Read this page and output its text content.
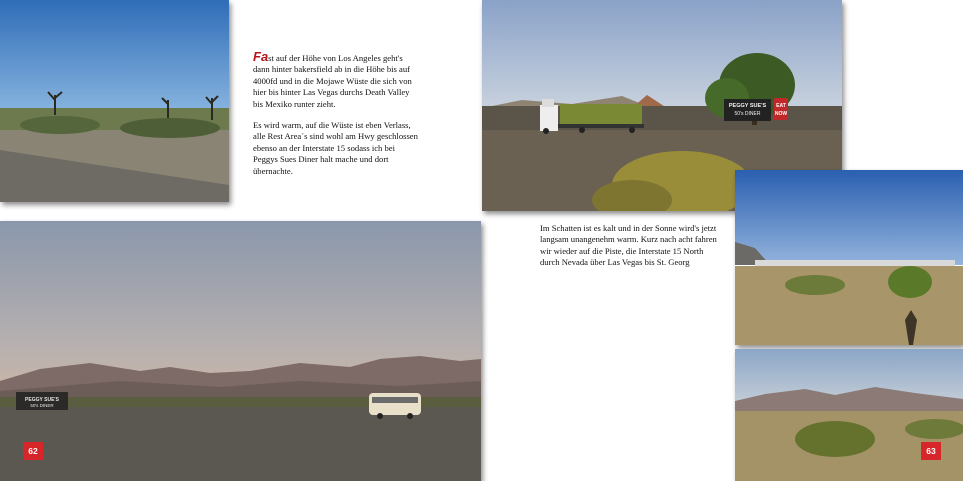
Fast auf der Höhe von Los Angeles geht's dann hinter bakersfield ab in die Höhe bis auf 4000fd und in die Mojawe Wüste die sich von hier bis hinter Las Vegas durchs Death Valley bis Mexiko runter zieht.

Es wird warm, auf die Wüste ist eben Verlass, alle Rest Area´s sind wohl am Hwy geschlossen ebenso an der Interstate 15 sodass ich bei Peggys Sues Diner halt mache und dort übernachte.

PEGGY SUE'S
50's DINER
EAT
NOW
PEGGY SUE'S
50's DINER
62

Im Schatten ist es kalt und in der Sonne wird's jetzt langsam unangenehm warm. Kurz nach acht fahren wir wieder auf die Piste, die Interstate 15 North durch Nevada über Las Vegas bis St. Georg

63
